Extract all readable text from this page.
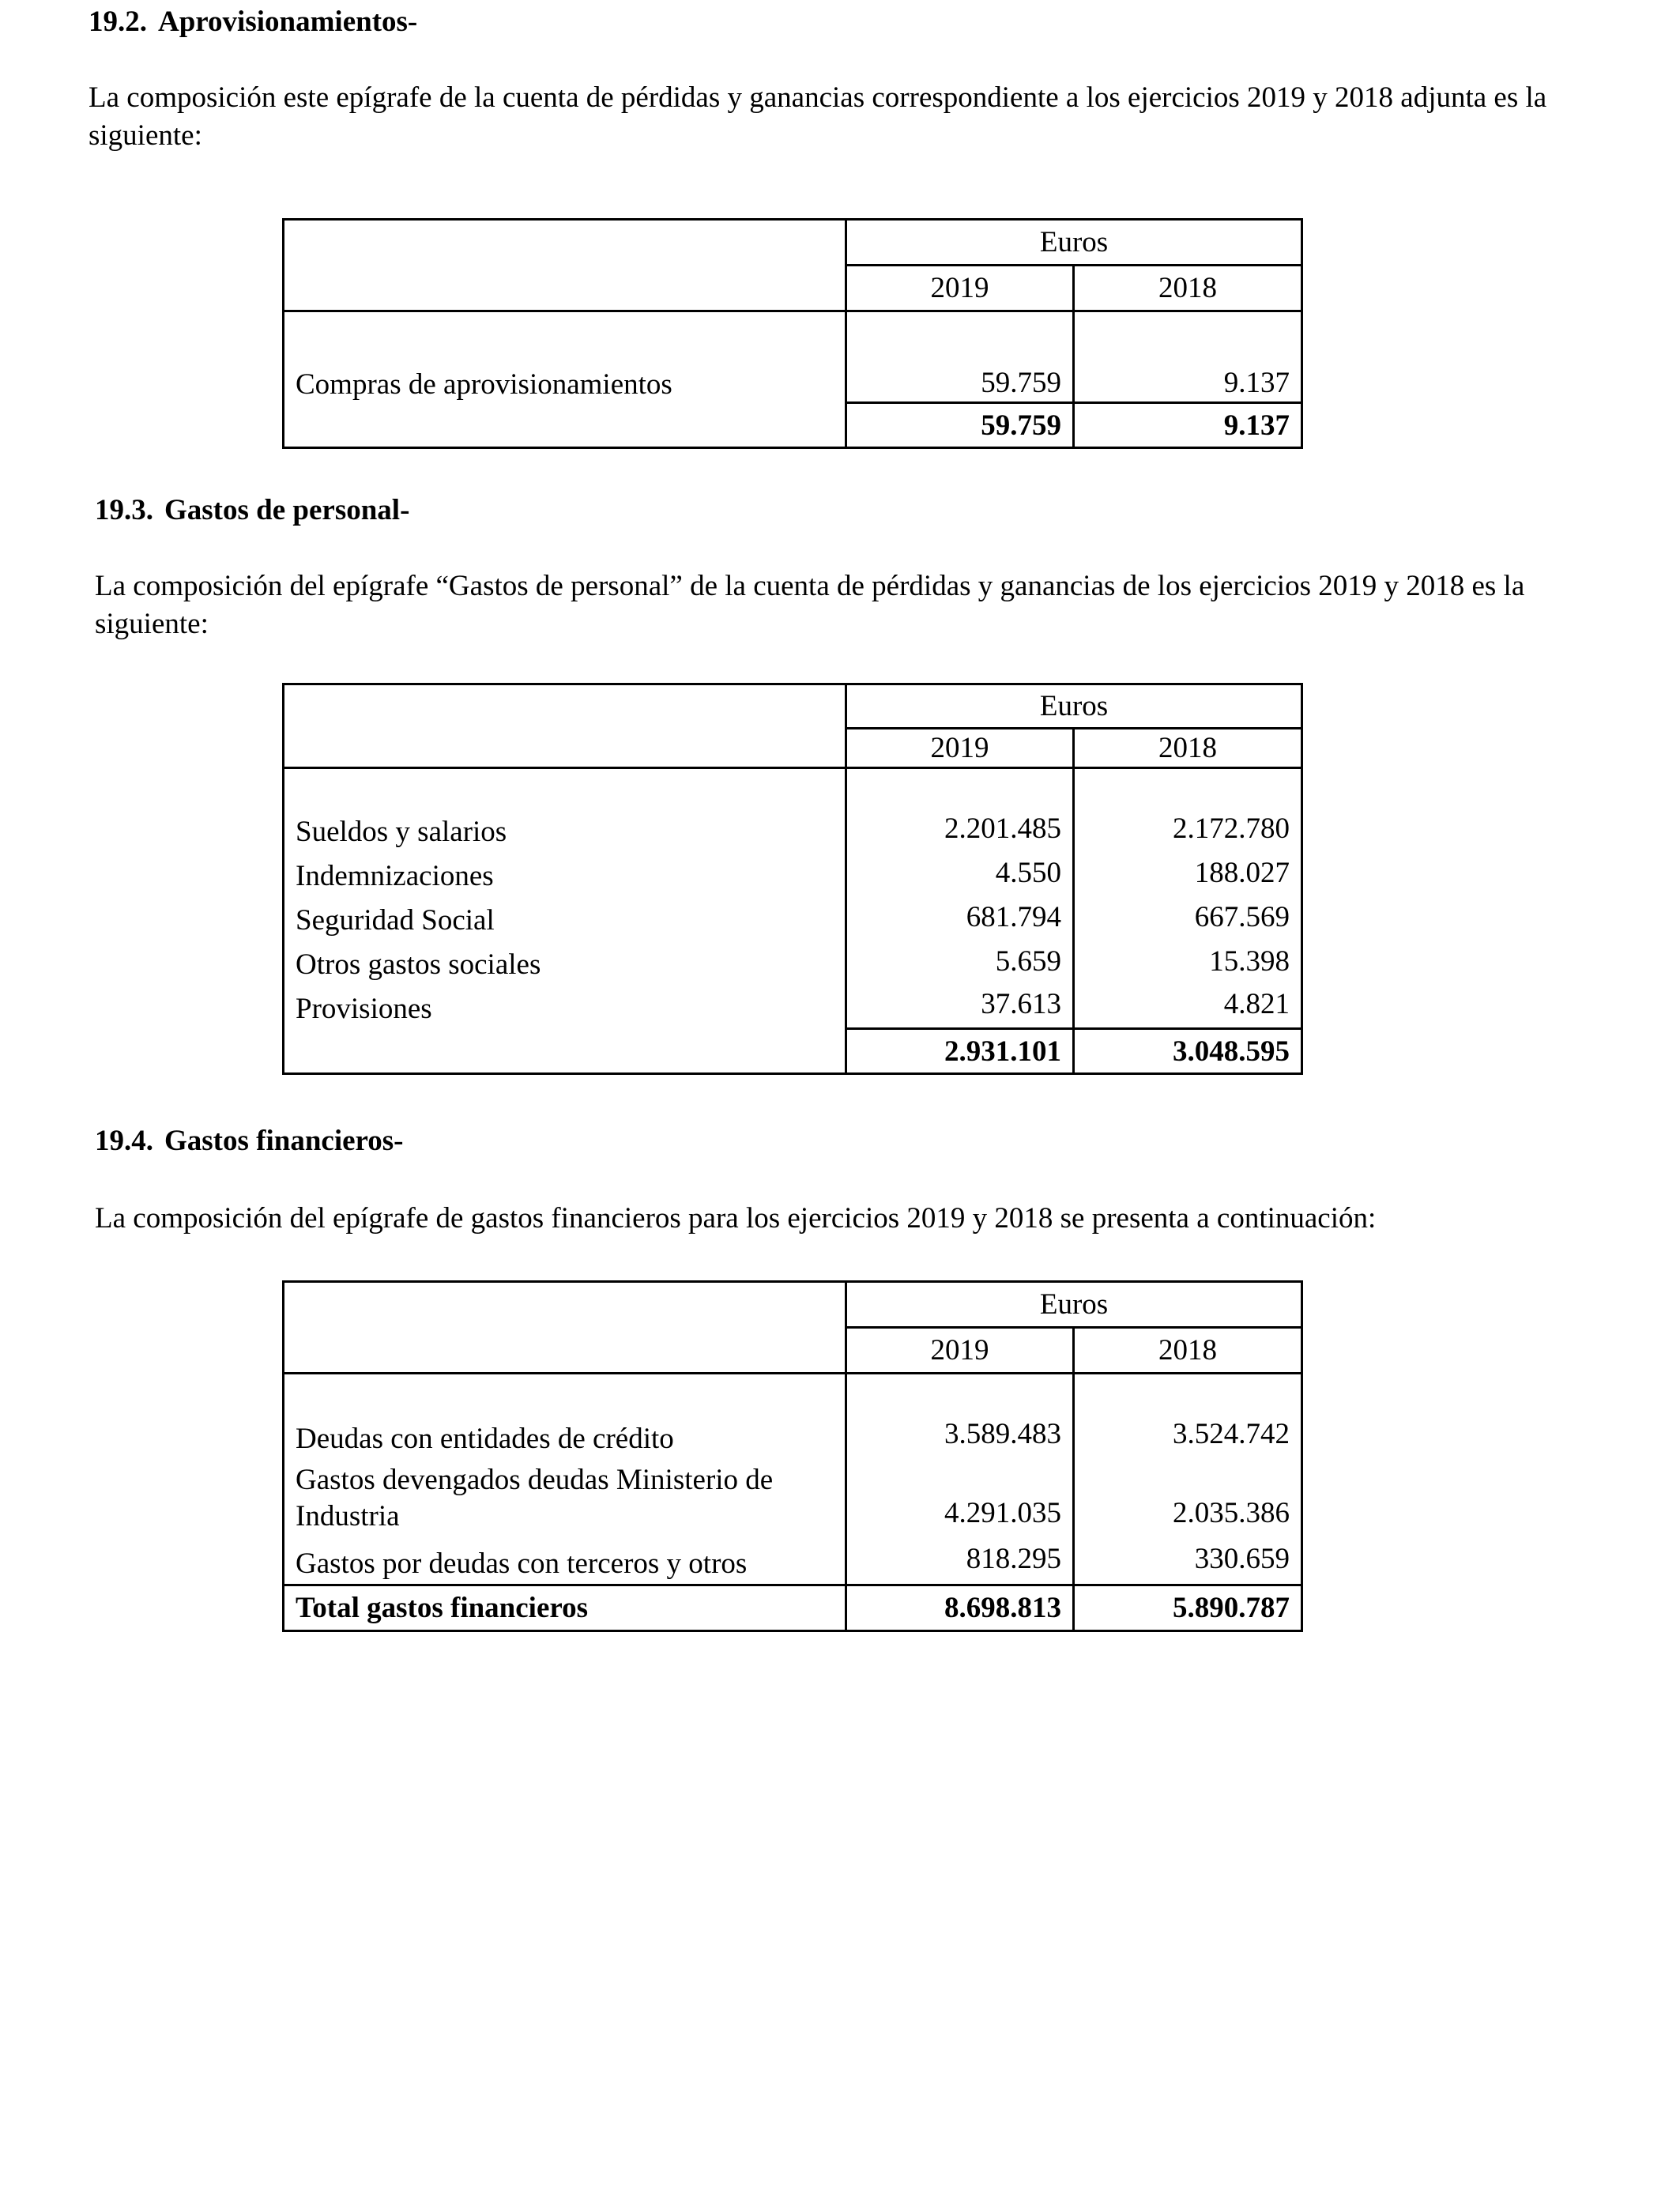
19.2. Aprovisionamientos-
La composición este epígrafe de la cuenta de pérdidas y ganancias correspondiente a los ejercicios 2019 y 2018 adjunta es la siguiente:
	Euros	
	2019	2018
Compras de aprovisionamientos	59.759	9.137
	59.759	9.137
19.3. Gastos de personal-
La composición del epígrafe “Gastos de personal” de la cuenta de pérdidas y ganancias de los ejercicios 2019 y 2018 es la siguiente:
	Euros	
	2019	2018
Sueldos y salarios	2.201.485	2.172.780
Indemnizaciones	4.550	188.027
Seguridad Social	681.794	667.569
Otros gastos sociales	5.659	15.398
Provisiones	37.613	4.821
	2.931.101	3.048.595
19.4. Gastos financieros-
La composición del epígrafe de gastos financieros para los ejercicios 2019 y 2018 se presenta a continuación:
	Euros	
	2019	2018
Deudas con entidades de crédito	3.589.483	3.524.742
Gastos devengados deudas Ministerio de Industria	4.291.035	2.035.386
Gastos por deudas con terceros y otros	818.295	330.659
Total gastos financieros	8.698.813	5.890.787
